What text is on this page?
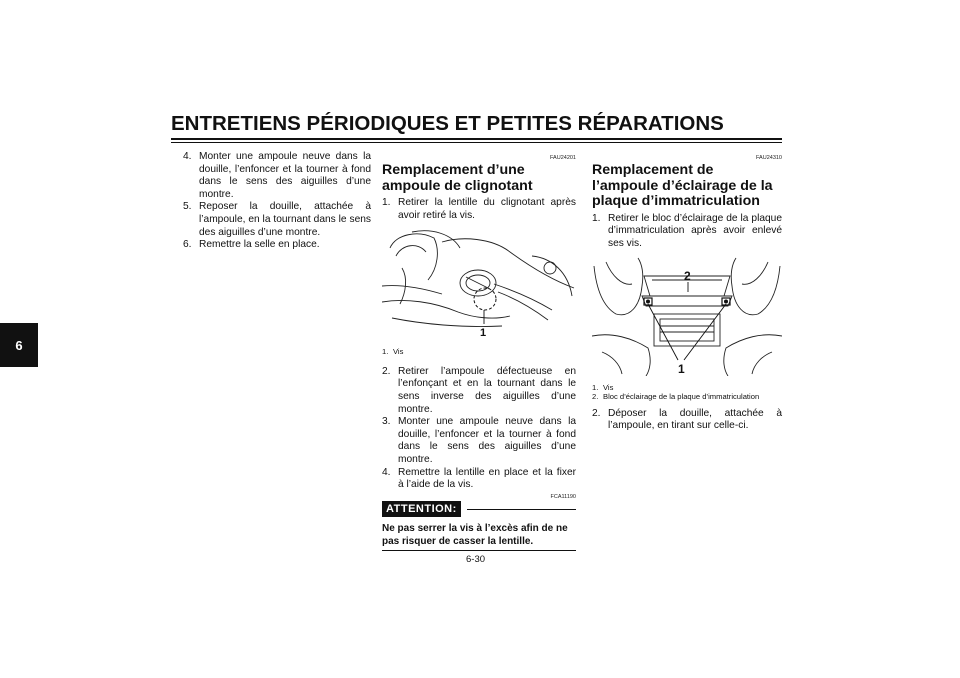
ENTRETIENS PÉRIODIQUES ET PETITES RÉPARATIONS
6

4. Monter une ampoule neuve dans la douille, l’enfoncer et la tourner à fond dans le sens des aiguilles d’une montre.

5. Reposer la douille, attachée à l’ampoule, en la tournant dans le sens des aiguilles d’une montre.

6. Remettre la selle en place.

FAU24201
Remplacement d’une ampoule de clignotant

1. Retirer la lentille du clignotant après avoir retiré la vis.

1
1. Vis

2. Retirer l’ampoule défectueuse en l’enfonçant et en la tournant dans le sens inverse des aiguilles d’une montre.

3. Monter une ampoule neuve dans la douille, l’enfoncer et la tourner à fond dans le sens des aiguilles d’une montre.

4. Remettre la lentille en place et la fixer à l’aide de la vis.

FCA11190
ATTENTION:
Ne pas serrer la vis à l’excès afin de ne pas risquer de casser la lentille.
FAU24310
Remplacement de l’ampoule d’éclairage de la plaque d’immatriculation

1. Retirer le bloc d’éclairage de la plaque d’immatriculation après avoir enlevé ses vis.

1
2
1. Vis
2. Bloc d’éclairage de la plaque d’immatriculation

2. Déposer la douille, attachée à l’ampoule, en tirant sur celle-ci.

6-30
